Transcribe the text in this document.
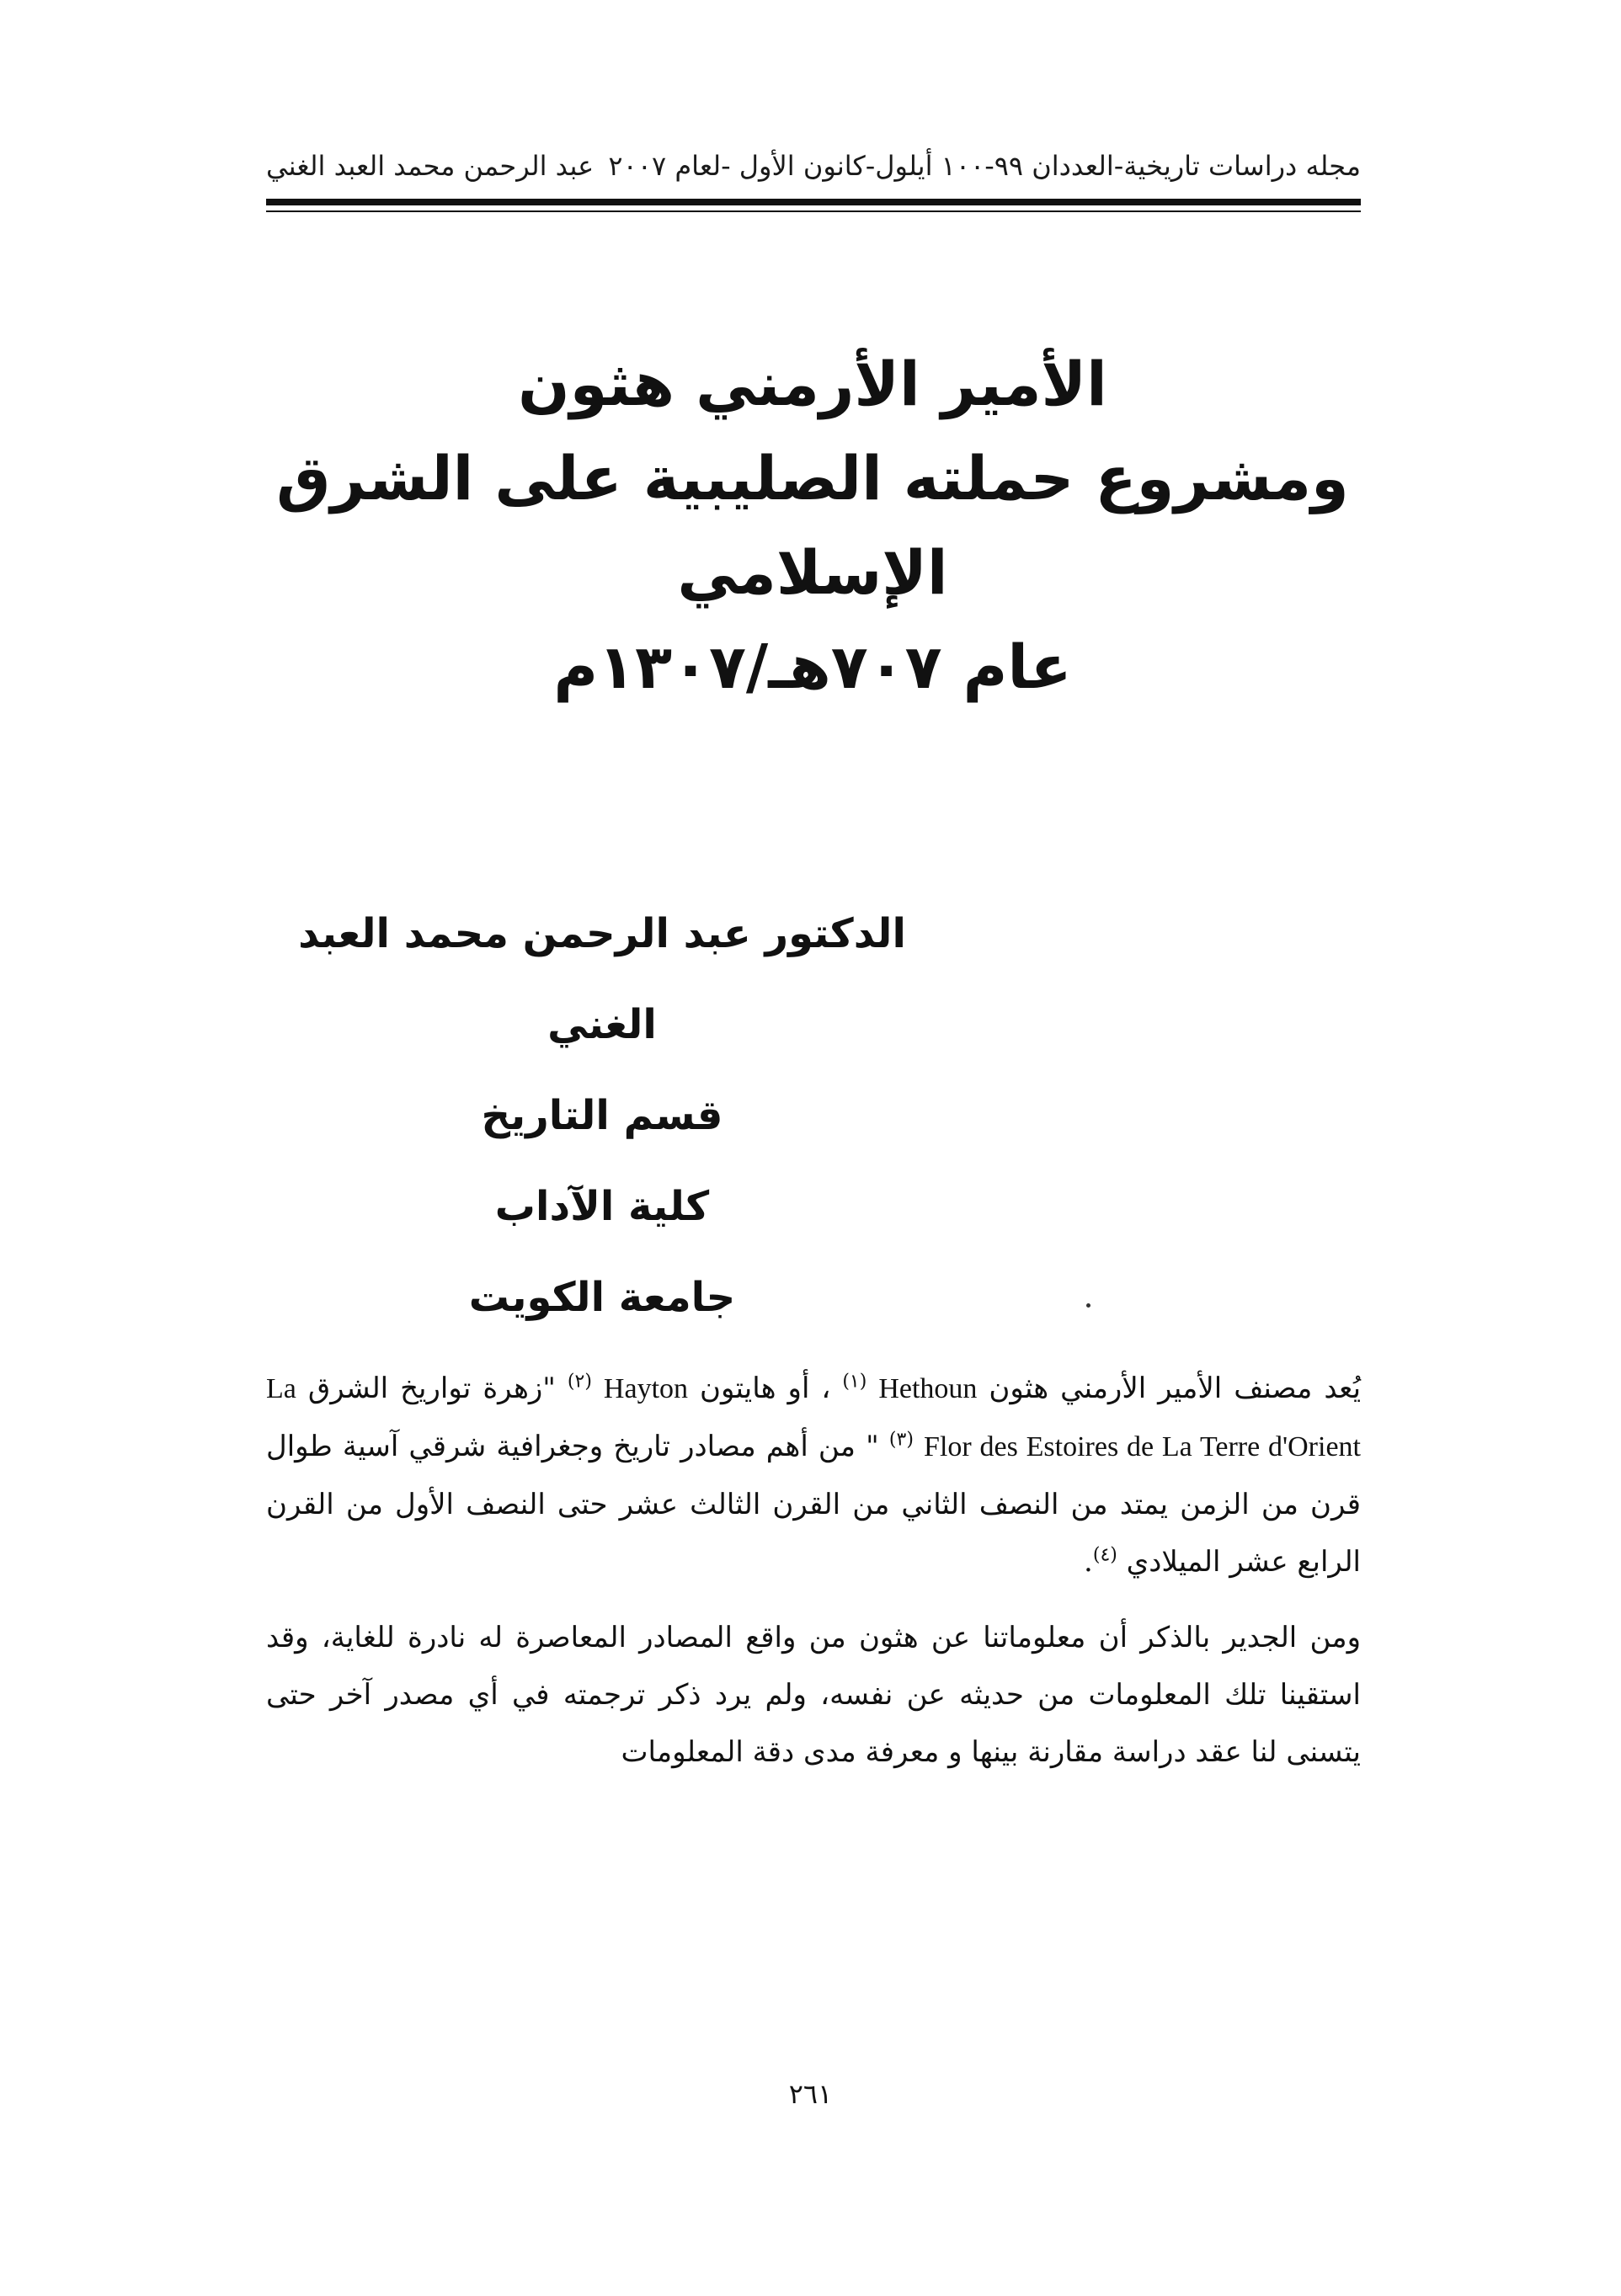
مجله دراسات تاريخية-العددان ٩٩-١٠٠ أيلول-كانون الأول -لعام ٢٠٠٧
عبد الرحمن محمد العبد الغني

الأمير الأرمني هثون

ومشروع حملته الصليبية على الشرق الإسلامي

عام ٧٠٧هـ/١٣٠٧م

الدكتور عبد الرحمن محمد العبد الغني

قسم التاريخ

كلية الآداب

جامعة الكويت

يُعد مصنف الأمير الأرمني هثون Hethoun $^{(١)}$ ، أو هايتون Hayton $^{(٢)}$ "زهرة تواريخ الشرق La Flor des Estoires de La Terre d'Orient $^{(٣)}$ " من أهم مصادر تاريخ وجغرافية شرقي آسية طوال قرن من الزمن يمتد من النصف الثاني من القرن الثالث عشر حتى النصف الأول من القرن الرابع عشر الميلادي $^{(٤)}$.

ومن الجدير بالذكر أن معلوماتنا عن هثون من واقع المصادر المعاصرة له نادرة للغاية، وقد استقينا تلك المعلومات من حديثه عن نفسه، ولم يرد ذكر ترجمته في أي مصدر آخر حتى يتسنى لنا عقد دراسة مقارنة بينها و معرفة مدى دقة المعلومات

٢٦١
